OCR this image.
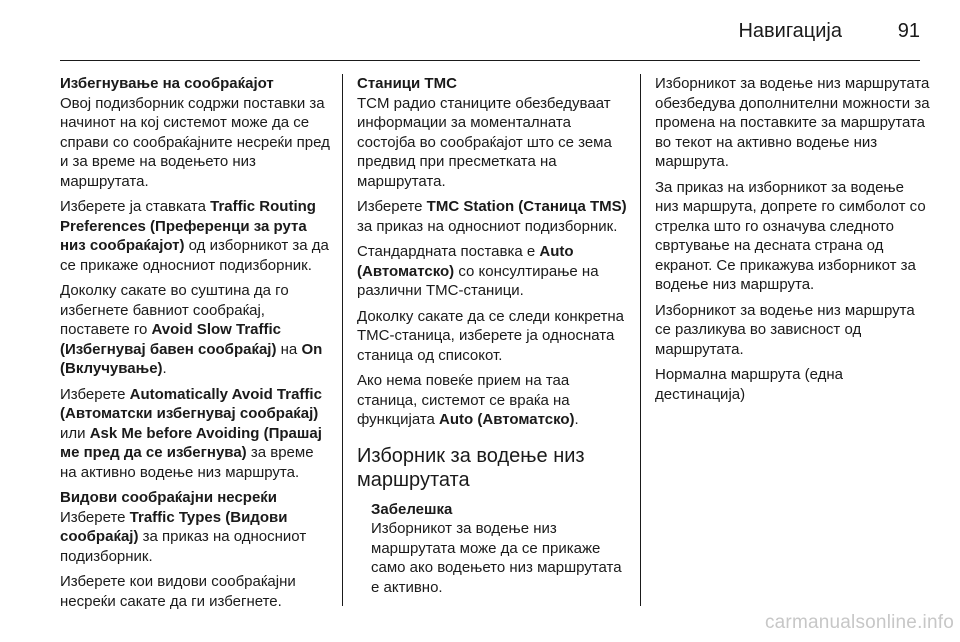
Навигација	91

Избегнување на сообраќајот
Овој подизборник содржи поставки за начинот на кој системот може да се справи со сообраќајните несреќи пред и за време на водењето низ маршрутата.

Изберете ја ставката Traffic Routing Preferences (Преференци за рута низ сообраќајот) од изборникот за да се прикаже односниот подизборник.

Доколку сакате во суштина да го избегнете бавниот сообраќај, поставете го Avoid Slow Traffic (Избегнувај бавен сообраќај) на On (Вклучување).

Изберете Automatically Avoid Traffic (Автоматски избегнувај сообраќај) или Ask Me before Avoiding (Прашај ме пред да се избегнува) за време на активно водење низ маршрута.

Видови сообраќајни несреќи
Изберете Traffic Types (Видови сообраќај) за приказ на односниот подизборник.

Изберете кои видови сообраќајни несреќи сакате да ги избегнете.

Станици TMC
TCM радио станиците обезбедуваат информации за моменталната состојба во сообраќајот што се зема предвид при пресметката на маршрутата.

Изберете TMC Station (Станица TMS) за приказ на односниот подизборник.

Стандардната поставка е Auto (Автоматско) со консултирање на различни TMC-станици.

Доколку сакате да се следи конкретна TMC-станица, изберете ја односната станица од списокот.

Ако нема повеќе прием на таа станица, системот се враќа на функцијата Auto (Автоматско).

Изборник за водење низ маршрутата
Забелешка
Изборникот за водење низ маршрутата може да се прикаже само ако водењето низ маршрутата е активно.

Изборникот за водење низ маршрутата обезбедува дополнителни можности за промена на поставките за маршрутата во текот на активно водење низ маршрута.

За приказ на изборникот за водење низ маршрута, допрете го симболот со стрелка што го означува следното свртување на десната страна од екранот. Се прикажува изборникот за водење низ маршрута.

Изборникот за водење низ маршрута се разликува во зависност од маршрутата.

Нормална маршрута (една дестинација)

carmanualsonline.info
